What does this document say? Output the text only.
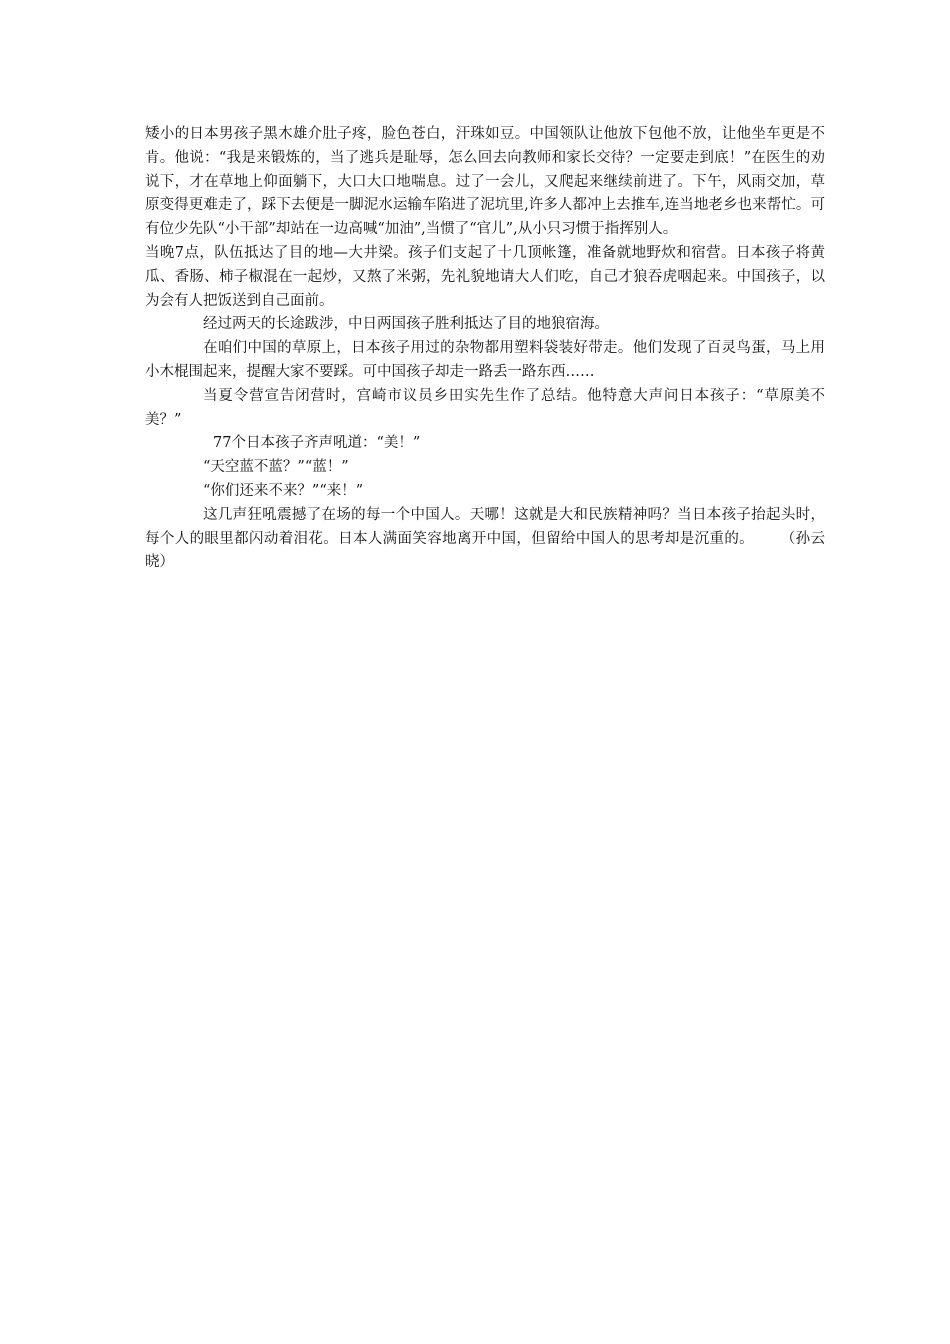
矮小的日本男孩子黑木雄介肚子疼，脸色苍白，汗珠如豆。中国领队让他放下包他不放，让他坐车更是不肯。他说：“我是来锻炼的，当了逃兵是耻辱，怎么回去向教师和家长交待？一定要走到底！”在医生的劝说下，才在草地上仰面躺下，大口大口地喘息。过了一会儿，又爬起来继续前进了。下午，风雨交加，草原变得更难走了，踩下去便是一脚泥水运输车陷进了泥坑里,许多人都冲上去推车,连当地老乡也来帮忙。可有位少先队“小干部”却站在一边高喊“加油”,当惯了“官儿”,从小只习惯于指挥别人。

当晚7点，队伍抵达了目的地—大井梁。孩子们支起了十几顶帐篷，准备就地野炊和宿营。日本孩子将黄瓜、香肠、柿子椒混在一起炒，又熬了米粥，先礼貌地请大人们吃，自己才狼吞虎咽起来。中国孩子，以为会有人把饭送到自己面前。

经过两天的长途跋涉，中日两国孩子胜利抵达了目的地狼宿海。

在咱们中国的草原上，日本孩子用过的杂物都用塑料袋装好带走。他们发现了百灵鸟蛋，马上用小木棍围起来，提醒大家不要踩。可中国孩子却走一路丢一路东西……

当夏令营宣告闭营时，宫崎市议员乡田实先生作了总结。他特意大声问日本孩子：“草原美不美？”

77个日本孩子齐声吼道：“美！”

“天空蓝不蓝？”“蓝！”

“你们还来不来？”“来！”

这几声狂吼震撼了在场的每一个中国人。天哪！这就是大和民族精神吗？当日本孩子抬起头时，每个人的眼里都闪动着泪花。日本人满面笑容地离开中国，但留给中国人的思考却是沉重的。 （孙云晓）
